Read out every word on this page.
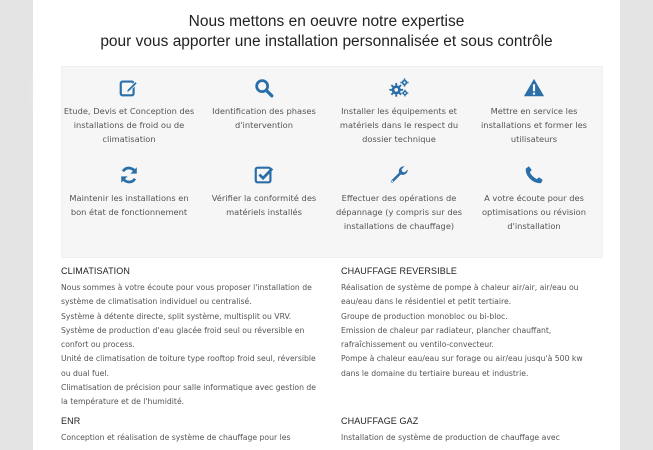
Nous mettons en oeuvre notre expertise
pour vous apporter une installation personnalisée et sous contrôle
Etude, Devis et Conception des installations de froid ou de climatisation
Identification des phases d'intervention
Installer les équipements et matériels dans le respect du dossier technique
Mettre en service les installations et former les utilisateurs
Maintenir les installations en bon état de fonctionnement
Vérifier la conformité des matériels installés
Effectuer des opérations de dépannage (y compris sur des installations de chauffage)
A votre écoute pour des optimisations ou révision d'installation
CLIMATISATION

Nous sommes à votre écoute pour vous proposer l'installation de système de climatisation individuel ou centralisé.
Système à détente directe, split système, multisplit ou VRV.
Système de production d'eau glacée froid seul ou réversible en confort ou process.
Unité de climatisation de toiture type rooftop froid seul, réversible ou dual fuel.
Climatisation de précision pour salle informatique avec gestion de la température et de l'humidité.

CHAUFFAGE REVERSIBLE

Réalisation de système de pompe à chaleur air/air, air/eau ou eau/eau dans le résidentiel et petit tertiaire.
Groupe de production monobloc ou bi-bloc.
Emission de chaleur par radiateur, plancher chauffant, rafraîchissement ou ventilo-convecteur.
Pompe à chaleur eau/eau sur forage ou air/eau jusqu'à 500 kw dans le domaine du tertiaire bureau et industrie.

ENR

Conception et réalisation de système de chauffage pour les

CHAUFFAGE GAZ

Installation de système de production de chauffage avec
